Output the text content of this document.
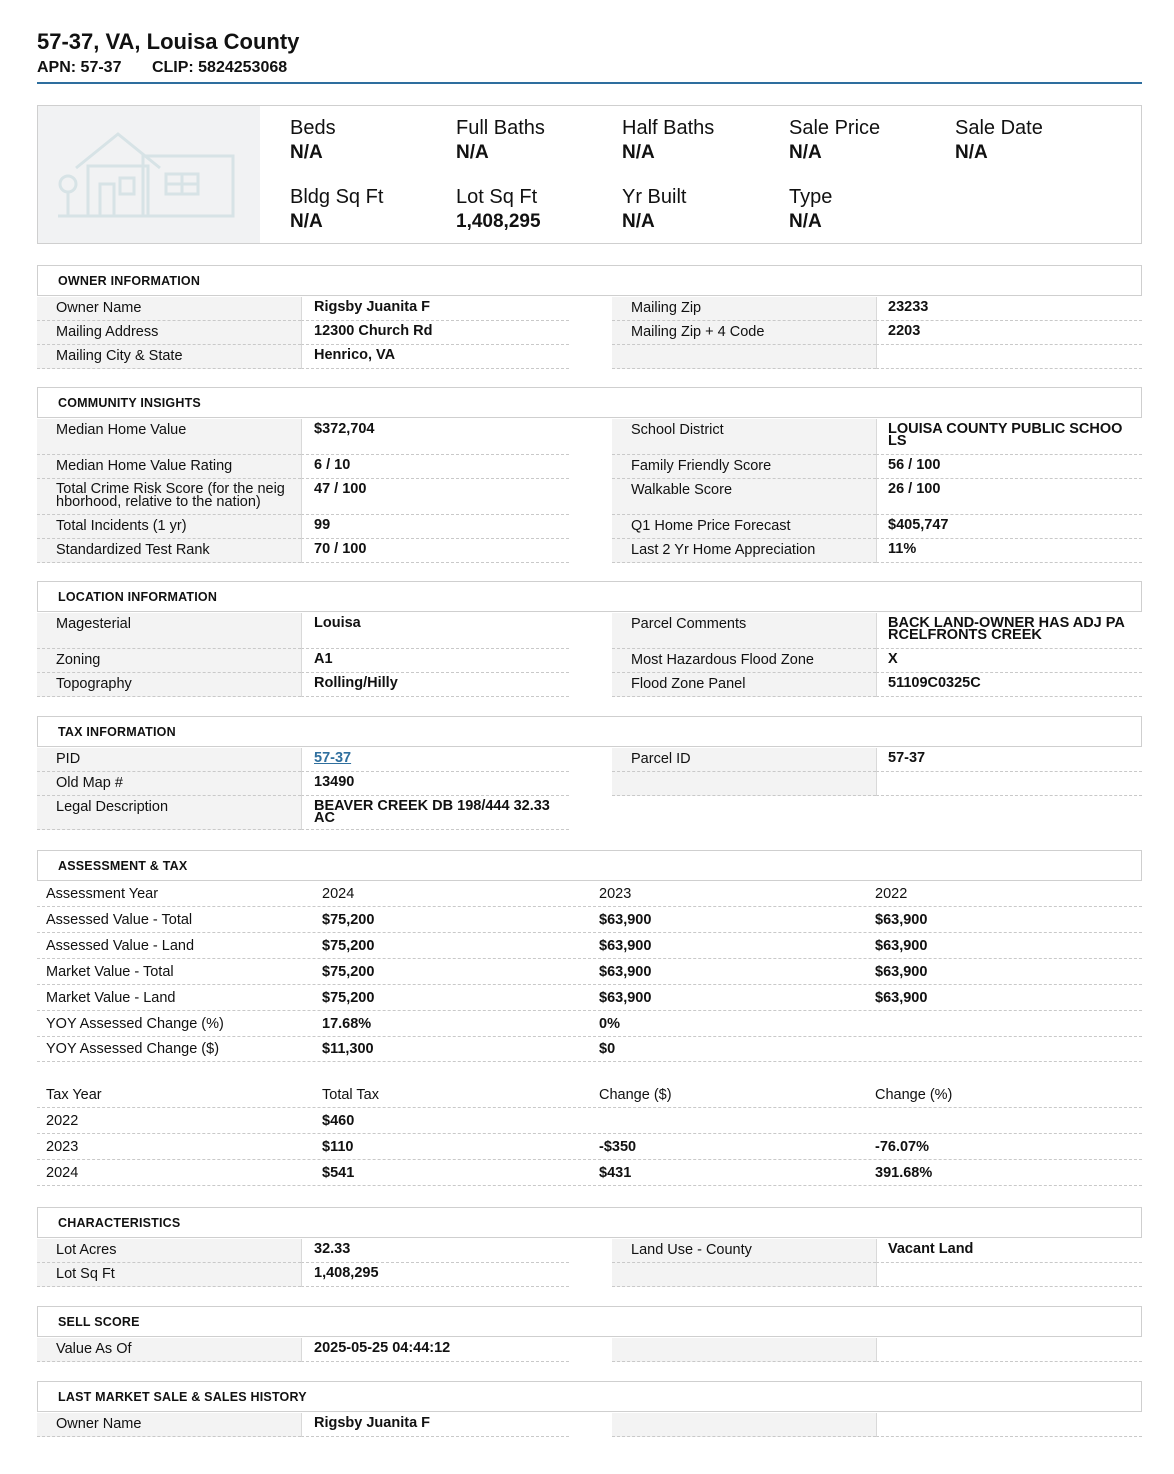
57-37, VA, Louisa County
APN: 57-37 CLIP: 5824253068
Beds
N/A
Full Baths
N/A
Half Baths
N/A
Sale Price
N/A
Sale Date
N/A
Bldg Sq Ft
N/A
Lot Sq Ft
1,408,295
Yr Built
N/A
Type
N/A
OWNER INFORMATION
Owner Name	Rigsby Juanita F
Mailing Address	12300 Church Rd
Mailing City & State	Henrico, VA
Mailing Zip	23233
Mailing Zip + 4 Code	2203
COMMUNITY INSIGHTS
Median Home Value	$372,704
Median Home Value Rating	6 / 10
Total Crime Risk Score (for the neig hborhood, relative to the nation)
47 / 100
Total Incidents (1 yr)	99
Standardized Test Rank	70 / 100
School District	LOUISA COUNTY PUBLIC SCHOO LS
Family Friendly Score	56 / 100
Walkable Score	26 / 100
Q1 Home Price Forecast	$405,747
Last 2 Yr Home Appreciation	11%
LOCATION INFORMATION
Magesterial	Louisa
Zoning	A1
Topography	Rolling/Hilly
Parcel Comments	BACK LAND-OWNER HAS ADJ PA RCELFRONTS CREEK
Most Hazardous Flood Zone	X
Flood Zone Panel	51109C0325C
TAX INFORMATION
PID	57-37
Old Map #	13490
Legal Description	BEAVER CREEK DB 198/444 32.33 AC
Parcel ID	57-37
ASSESSMENT & TAX
Assessment Year	2024	2023	2022
Assessed Value - Total	$75,200	$63,900	$63,900
Assessed Value - Land	$75,200	$63,900	$63,900
Market Value - Total	$75,200	$63,900	$63,900
Market Value - Land	$75,200	$63,900	$63,900
YOY Assessed Change (%)	17.68%	0%
YOY Assessed Change ($)	$11,300	$0
Tax Year	Total Tax	Change ($)	Change (%)
2022	$460
2023	$110	-$350	-76.07%
2024	$541	$431	391.68%
CHARACTERISTICS
Lot Acres	32.33
Lot Sq Ft	1,408,295
Land Use - County	Vacant Land
SELL SCORE
Value As Of	2025-05-25 04:44:12
LAST MARKET SALE & SALES HISTORY
Owner Name	Rigsby Juanita F
